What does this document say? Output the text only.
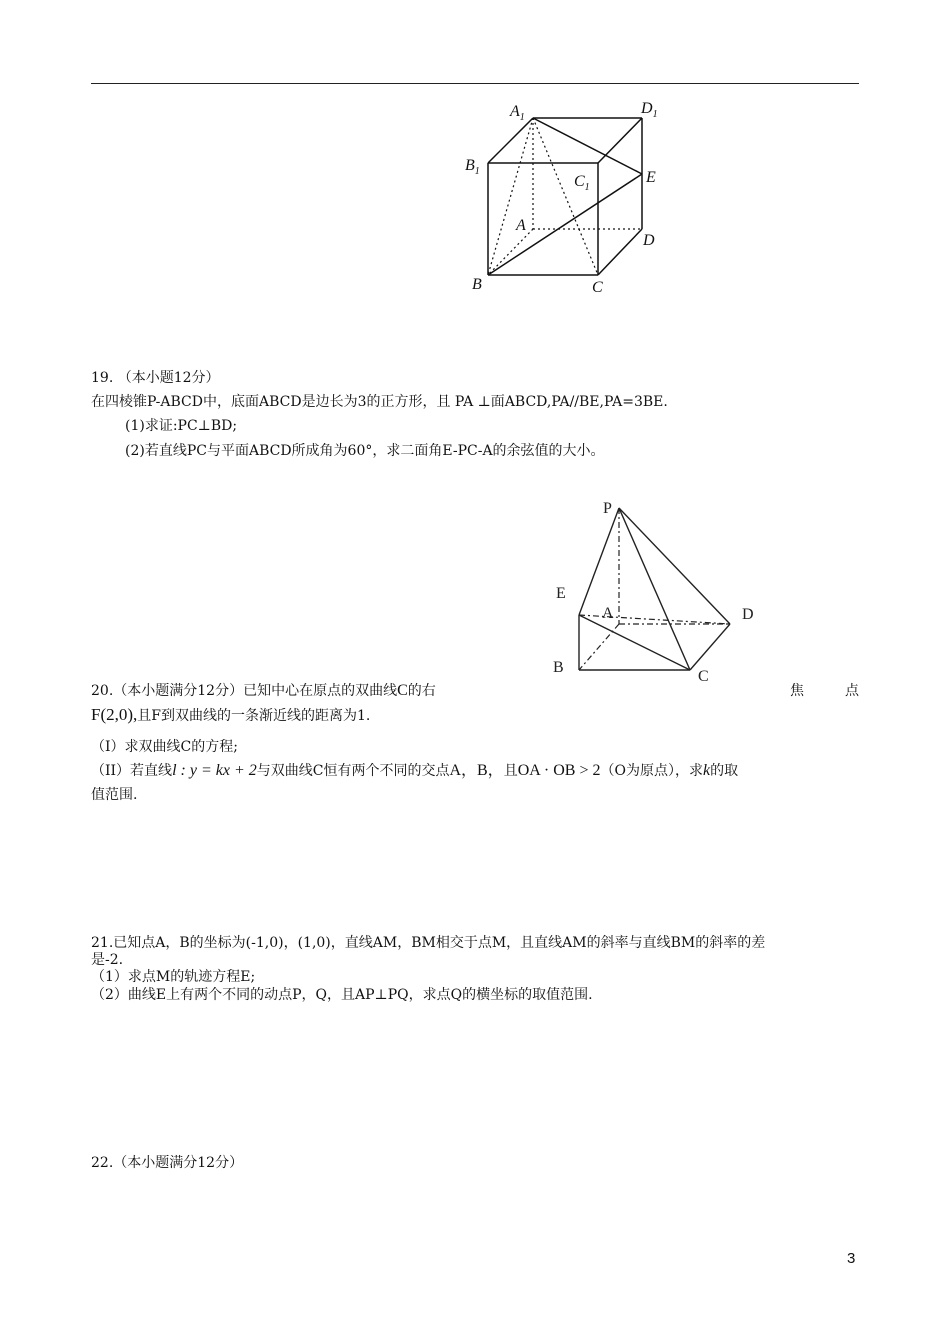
$A_1$
$D_1$
$B_1$
$C_1$
E
A
D
B	C
19. （本小题12分）
在四棱锥P-ABCD中，底面ABCD是边长为3的正方形，且 PA ⊥面ABCD,PA//BE,PA=3BE.
(1)求证:PC⊥BD;
(2)若直线PC与平面ABCD所成角为60°，求二面角E-PC-A的余弦值的大小。
P
E
A	D
B
C
20.（本小题满分12分）已知中心在原点的双曲线C的右	焦	点
F(2,0),且F到双曲线的一条渐近线的距离为1.
（I）求双曲线C的方程;
（II）若直线l : y = kx + 2与双曲线C恒有两个不同的交点A，B，且OA · OB > 2（O为原点），求k的取
值范围.
21.已知点A，B的坐标为(-1,0)，(1,0)，直线AM，BM相交于点M，且直线AM的斜率与直线BM的斜率的差
是-2.
（1）求点M的轨迹方程E;
（2）曲线E上有两个不同的动点P，Q，且AP⊥PQ，求点Q的横坐标的取值范围.
22.（本小题满分12分）
3
